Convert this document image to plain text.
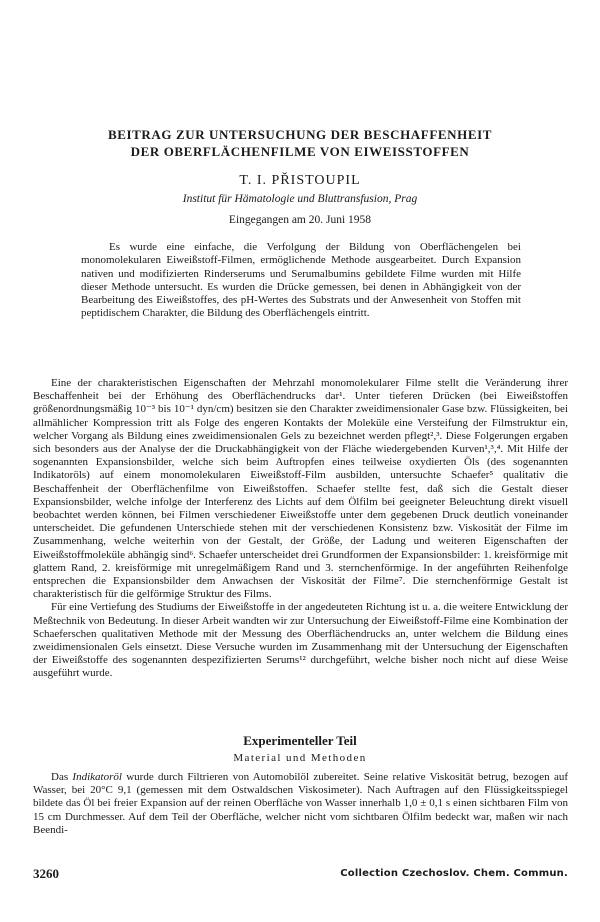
BEITRAG ZUR UNTERSUCHUNG DER BESCHAFFENHEIT
DER OBERFLÄCHENFILME VON EIWEISSTOFFEN
T. I. PŘISTOUPIL
Institut für Hämatologie und Bluttransfusion, Prag
Eingegangen am 20. Juni 1958
Es wurde eine einfache, die Verfolgung der Bildung von Oberflächengelen bei monomolekularen Eiweißstoff-Filmen, ermöglichende Methode ausgearbeitet. Durch Expansion nativen und modifizierten Rinderserums und Serumalbumins gebildete Filme wurden mit Hilfe dieser Methode untersucht. Es wurden die Drücke gemessen, bei denen in Abhängigkeit von der Bearbeitung des Eiweißstoffes, des pH-Wertes des Substrats und der Anwesenheit von Stoffen mit peptidischem Charakter, die Bildung des Oberflächengels eintritt.

Eine der charakteristischen Eigenschaften der Mehrzahl monomolekularer Filme stellt die Veränderung ihrer Beschaffenheit bei der Erhöhung des Oberflächendrucks dar¹. Unter tieferen Drücken (bei Eiweißstoffen größenordnungsmäßig 10⁻³ bis 10⁻¹ dyn/cm) besitzen sie den Charakter zweidimensionaler Gase bzw. Flüssigkeiten, bei allmählicher Kompression tritt als Folge des engeren Kontakts der Moleküle eine Versteifung der Filmstruktur ein, welcher Vorgang als Bildung eines zweidimensionalen Gels zu bezeichnet werden pflegt²,³. Diese Folgerungen ergaben sich besonders aus der Analyse der die Druckabhängigkeit von der Fläche wiedergebenden Kurven¹,³,⁴. Mit Hilfe der sogenannten Expansionsbilder, welche sich beim Auftropfen eines teilweise oxydierten Öls (des sogenannten Indikatoröls) auf einem monomolekularen Eiweißstoff-Film ausbilden, untersuchte Schaefer⁵ qualitativ die Beschaffenheit der Oberflächenfilme von Eiweißstoffen. Schaefer stellte fest, daß sich die Gestalt dieser Expansionsbilder, welche infolge der Interferenz des Lichts auf dem Ölfilm bei geeigneter Beleuchtung direkt visuell beobachtet werden können, bei Filmen verschiedener Eiweißstoffe unter dem gegebenen Druck deutlich voneinander unterscheidet. Die gefundenen Unterschiede stehen mit der verschiedenen Konsistenz bzw. Viskosität der Filme im Zusammenhang, welche weiterhin von der Gestalt, der Größe, der Ladung und weiteren Eigenschaften der Eiweißstoffmoleküle abhängig sind⁶. Schaefer unterscheidet drei Grundformen der Expansionsbilder: 1. kreisförmige mit glattem Rand, 2. kreisförmige mit unregelmäßigem Rand und 3. sternchenförmige. In der angeführten Reihenfolge entsprechen die Expansionsbilder dem Anwachsen der Viskosität der Filme⁷. Die sternchenförmige Gestalt ist charakteristisch für die gelförmige Struktur des Films.

Für eine Vertiefung des Studiums der Eiweißstoffe in der angedeuteten Richtung ist u. a. die weitere Entwicklung der Meßtechnik von Bedeutung. In dieser Arbeit wandten wir zur Untersuchung der Eiweißstoff-Filme eine Kombination der Schaeferschen qualitativen Methode mit der Messung des Oberflächendrucks an, unter welchem die Bildung eines zweidimensionalen Gels einsetzt. Diese Versuche wurden im Zusammenhang mit der Untersuchung der Eigenschaften der Eiweißstoffe des sogenannten despezifizierten Serums¹² durchgeführt, welche bisher noch nicht auf diese Weise ausgeführt wurde.

Experimenteller Teil
Material und Methoden

Das Indikatoröl wurde durch Filtrieren von Automobilöl zubereitet. Seine relative Viskosität betrug, bezogen auf Wasser, bei 20°C 9,1 (gemessen mit dem Ostwaldschen Viskosimeter). Nach Auftragen auf den Flüssigkeitsspiegel bildete das Öl bei freier Expansion auf der reinen Oberfläche von Wasser innerhalb 1,0 ± 0,1 s einen sichtbaren Film von 15 cm Durchmesser. Auf dem Teil der Oberfläche, welcher nicht vom sichtbaren Ölfilm bedeckt war, maßen wir nach Beendi-

3260	Collection Czechoslov. Chem. Commun.
